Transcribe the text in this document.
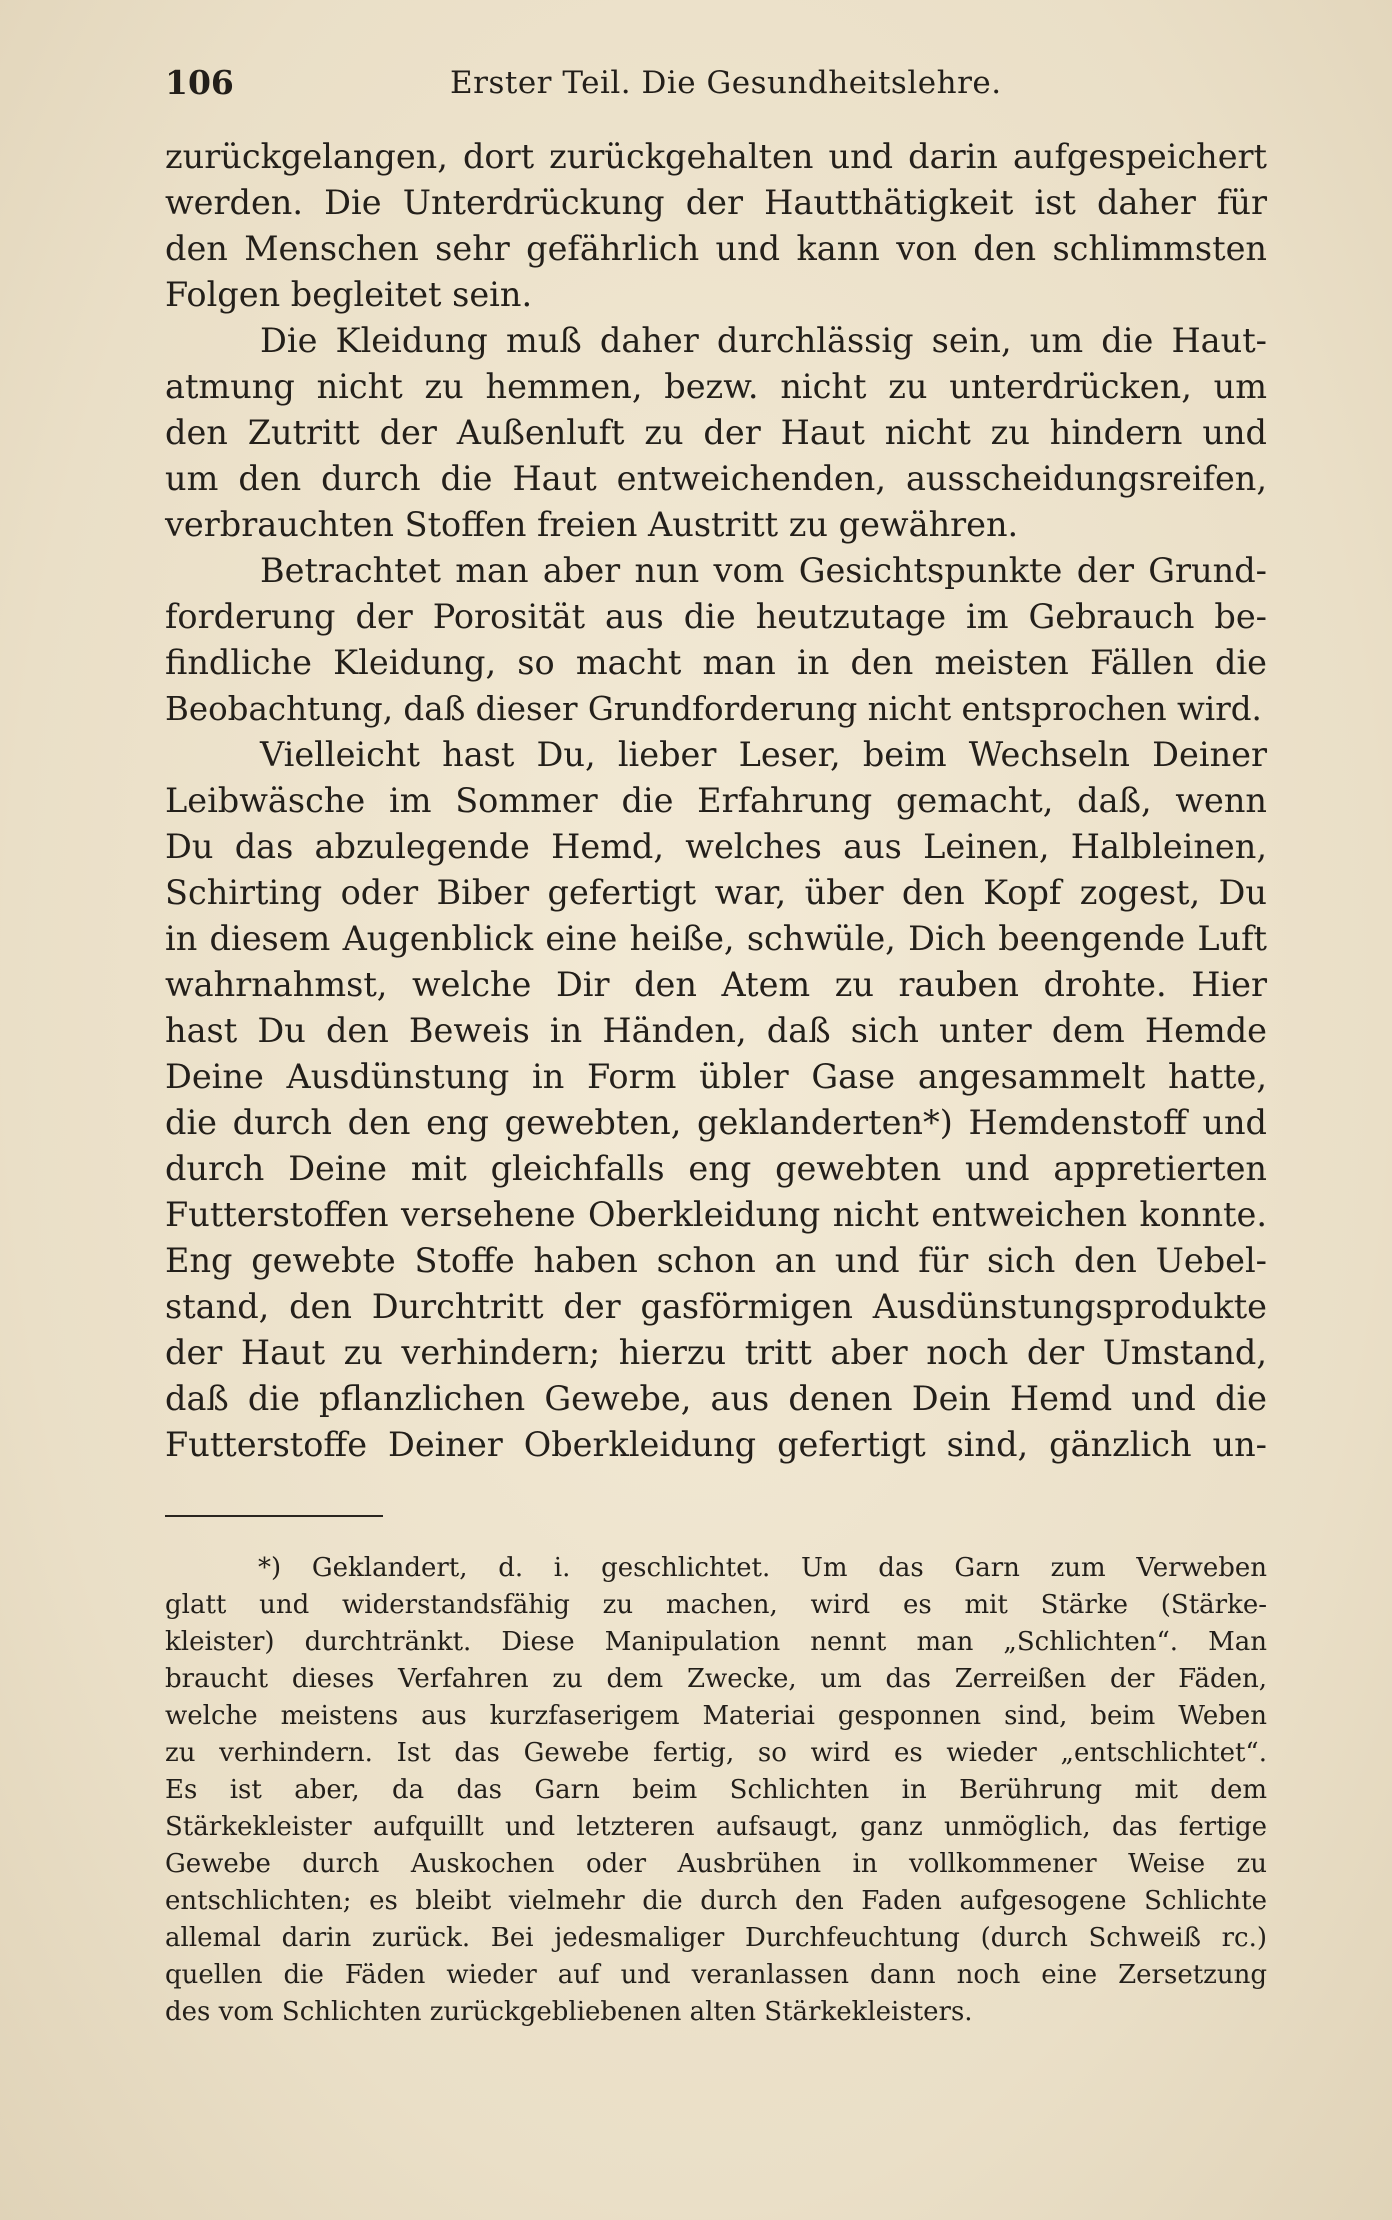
106	Erster Teil. Die Gesundheitslehre.
zurückgelangen, dort zurückgehalten und darin aufgespeichert
werden. Die Unterdrückung der Hautthätigkeit ist daher für
den Menschen sehr gefährlich und kann von den schlimmsten
Folgen begleitet sein.
Die Kleidung muß daher durchlässig sein, um die Haut-
atmung nicht zu hemmen, bezw. nicht zu unterdrücken, um
den Zutritt der Außenluft zu der Haut nicht zu hindern und
um den durch die Haut entweichenden, ausscheidungsreifen,
verbrauchten Stoffen freien Austritt zu gewähren.
Betrachtet man aber nun vom Gesichtspunkte der Grund-
forderung der Porosität aus die heutzutage im Gebrauch be-
findliche Kleidung, so macht man in den meisten Fällen die
Beobachtung, daß dieser Grundforderung nicht entsprochen wird.
Vielleicht hast Du, lieber Leser, beim Wechseln Deiner
Leibwäsche im Sommer die Erfahrung gemacht, daß, wenn
Du das abzulegende Hemd, welches aus Leinen, Halbleinen,
Schirting oder Biber gefertigt war, über den Kopf zogest, Du
in diesem Augenblick eine heiße, schwüle, Dich beengende Luft
wahrnahmst, welche Dir den Atem zu rauben drohte. Hier
hast Du den Beweis in Händen, daß sich unter dem Hemde
Deine Ausdünstung in Form übler Gase angesammelt hatte,
die durch den eng gewebten, geklanderten*) Hemdenstoff und
durch Deine mit gleichfalls eng gewebten und appretierten
Futterstoffen versehene Oberkleidung nicht entweichen konnte.
Eng gewebte Stoffe haben schon an und für sich den Uebel-
stand, den Durchtritt der gasförmigen Ausdünstungsprodukte
der Haut zu verhindern; hierzu tritt aber noch der Umstand,
daß die pflanzlichen Gewebe, aus denen Dein Hemd und die
Futterstoffe Deiner Oberkleidung gefertigt sind, gänzlich un-
*) Geklandert, d. i. geschlichtet. Um das Garn zum Verweben
glatt und widerstandsfähig zu machen, wird es mit Stärke (Stärke-
kleister) durchtränkt. Diese Manipulation nennt man „Schlichten“. Man
braucht dieses Verfahren zu dem Zwecke, um das Zerreißen der Fäden,
welche meistens aus kurzfaserigem Materiai gesponnen sind, beim Weben
zu verhindern. Ist das Gewebe fertig, so wird es wieder „entschlichtet“.
Es ist aber, da das Garn beim Schlichten in Berührung mit dem
Stärkekleister aufquillt und letzteren aufsaugt, ganz unmöglich, das fertige
Gewebe durch Auskochen oder Ausbrühen in vollkommener Weise zu
entschlichten; es bleibt vielmehr die durch den Faden aufgesogene Schlichte
allemal darin zurück. Bei jedesmaliger Durchfeuchtung (durch Schweiß rc.)
quellen die Fäden wieder auf und veranlassen dann noch eine Zersetzung
des vom Schlichten zurückgebliebenen alten Stärkekleisters.
